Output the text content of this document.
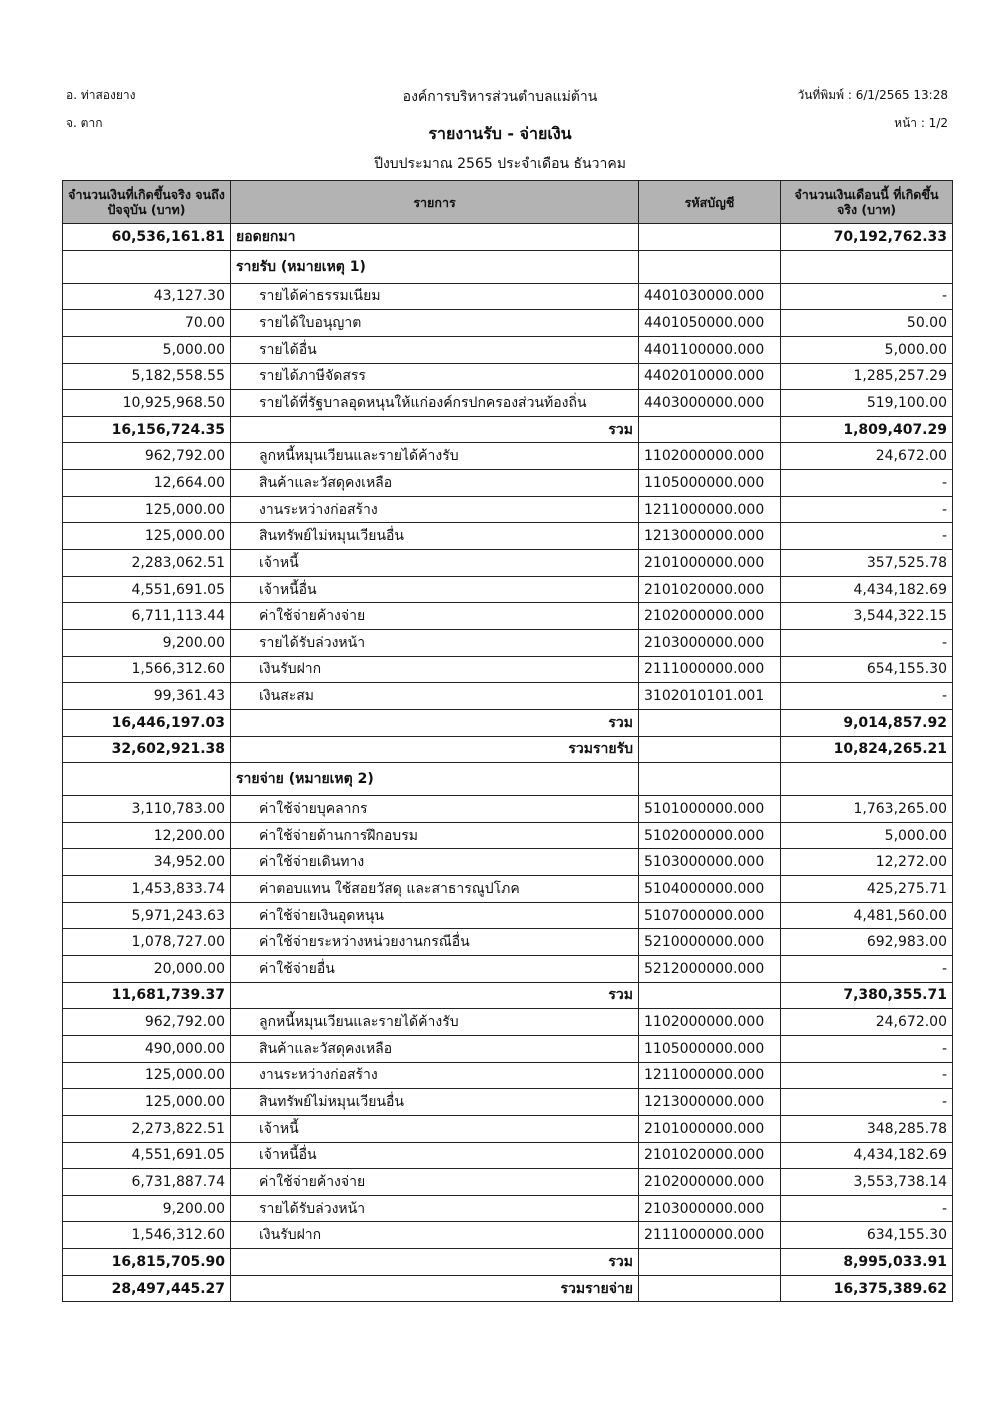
อ. ท่าสองยาง
จ. ตาก
วันที่พิมพ์ : 6/1/2565 13:28
หน้า : 1/2
องค์การบริหารส่วนตำบลแม่ต้าน
รายงานรับ - จ่ายเงิน
ปีงบประมาณ 2565 ประจำเดือน ธันวาคม
จำนวนเงินที่เกิดขึ้นจริง จนถึงปัจจุบัน (บาท)	รายการ	รหัสบัญชี	จำนวนเงินเดือนนี้ ที่เกิดขึ้นจริง (บาท)
60,536,161.81	ยอดยกมา		70,192,762.33
	รายรับ (หมายเหตุ 1)		
43,127.30	รายได้ค่าธรรมเนียม	4401030000.000	-
70.00	รายได้ใบอนุญาต	4401050000.000	50.00
5,000.00	รายได้อื่น	4401100000.000	5,000.00
5,182,558.55	รายได้ภาษีจัดสรร	4402010000.000	1,285,257.29
10,925,968.50	รายได้ที่รัฐบาลอุดหนุนให้แก่องค์กรปกครองส่วนท้องถิ่น	4403000000.000	519,100.00
16,156,724.35	รวม		1,809,407.29
962,792.00	ลูกหนี้หมุนเวียนและรายได้ค้างรับ	1102000000.000	24,672.00
12,664.00	สินค้าและวัสดุคงเหลือ	1105000000.000	-
125,000.00	งานระหว่างก่อสร้าง	1211000000.000	-
125,000.00	สินทรัพย์ไม่หมุนเวียนอื่น	1213000000.000	-
2,283,062.51	เจ้าหนี้	2101000000.000	357,525.78
4,551,691.05	เจ้าหนี้อื่น	2101020000.000	4,434,182.69
6,711,113.44	ค่าใช้จ่ายค้างจ่าย	2102000000.000	3,544,322.15
9,200.00	รายได้รับล่วงหน้า	2103000000.000	-
1,566,312.60	เงินรับฝาก	2111000000.000	654,155.30
99,361.43	เงินสะสม	3102010101.001	-
16,446,197.03	รวม		9,014,857.92
32,602,921.38	รวมรายรับ		10,824,265.21
	รายจ่าย (หมายเหตุ 2)		
3,110,783.00	ค่าใช้จ่ายบุคลากร	5101000000.000	1,763,265.00
12,200.00	ค่าใช้จ่ายด้านการฝึกอบรม	5102000000.000	5,000.00
34,952.00	ค่าใช้จ่ายเดินทาง	5103000000.000	12,272.00
1,453,833.74	ค่าตอบแทน ใช้สอยวัสดุ และสาธารณูปโภค	5104000000.000	425,275.71
5,971,243.63	ค่าใช้จ่ายเงินอุดหนุน	5107000000.000	4,481,560.00
1,078,727.00	ค่าใช้จ่ายระหว่างหน่วยงานกรณีอื่น	5210000000.000	692,983.00
20,000.00	ค่าใช้จ่ายอื่น	5212000000.000	-
11,681,739.37	รวม		7,380,355.71
962,792.00	ลูกหนี้หมุนเวียนและรายได้ค้างรับ	1102000000.000	24,672.00
490,000.00	สินค้าและวัสดุคงเหลือ	1105000000.000	-
125,000.00	งานระหว่างก่อสร้าง	1211000000.000	-
125,000.00	สินทรัพย์ไม่หมุนเวียนอื่น	1213000000.000	-
2,273,822.51	เจ้าหนี้	2101000000.000	348,285.78
4,551,691.05	เจ้าหนี้อื่น	2101020000.000	4,434,182.69
6,731,887.74	ค่าใช้จ่ายค้างจ่าย	2102000000.000	3,553,738.14
9,200.00	รายได้รับล่วงหน้า	2103000000.000	-
1,546,312.60	เงินรับฝาก	2111000000.000	634,155.30
16,815,705.90	รวม		8,995,033.91
28,497,445.27	รวมรายจ่าย		16,375,389.62
